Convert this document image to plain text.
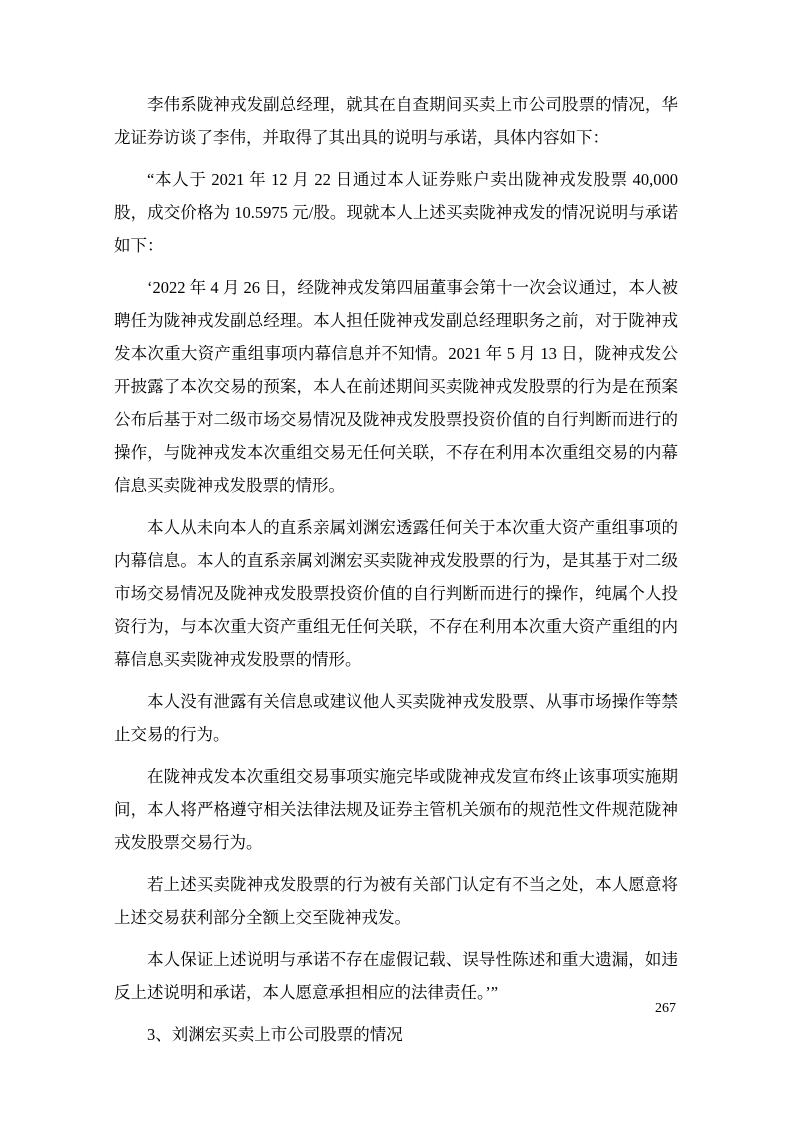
李伟系陇神戎发副总经理，就其在自查期间买卖上市公司股票的情况，华龙证券访谈了李伟，并取得了其出具的说明与承诺，具体内容如下：

“本人于 2021 年 12 月 22 日通过本人证券账户卖出陇神戎发股票 40,000 股，成交价格为 10.5975 元/股。现就本人上述买卖陇神戎发的情况说明与承诺如下：

‘2022 年 4 月 26 日，经陇神戎发第四届董事会第十一次会议通过，本人被聘任为陇神戎发副总经理。本人担任陇神戎发副总经理职务之前，对于陇神戎发本次重大资产重组事项内幕信息并不知情。2021 年 5 月 13 日，陇神戎发公开披露了本次交易的预案，本人在前述期间买卖陇神戎发股票的行为是在预案公布后基于对二级市场交易情况及陇神戎发股票投资价值的自行判断而进行的操作，与陇神戎发本次重组交易无任何关联，不存在利用本次重组交易的内幕信息买卖陇神戎发股票的情形。

本人从未向本人的直系亲属刘渊宏透露任何关于本次重大资产重组事项的内幕信息。本人的直系亲属刘渊宏买卖陇神戎发股票的行为，是其基于对二级市场交易情况及陇神戎发股票投资价值的自行判断而进行的操作，纯属个人投资行为，与本次重大资产重组无任何关联，不存在利用本次重大资产重组的内幕信息买卖陇神戎发股票的情形。

本人没有泄露有关信息或建议他人买卖陇神戎发股票、从事市场操作等禁止交易的行为。

在陇神戎发本次重组交易事项实施完毕或陇神戎发宣布终止该事项实施期间，本人将严格遵守相关法律法规及证券主管机关颁布的规范性文件规范陇神戎发股票交易行为。

若上述买卖陇神戎发股票的行为被有关部门认定有不当之处，本人愿意将上述交易获利部分全额上交至陇神戎发。

本人保证上述说明与承诺不存在虚假记载、误导性陈述和重大遗漏，如违反上述说明和承诺，本人愿意承担相应的法律责任。’”

3、刘渊宏买卖上市公司股票的情况

267
